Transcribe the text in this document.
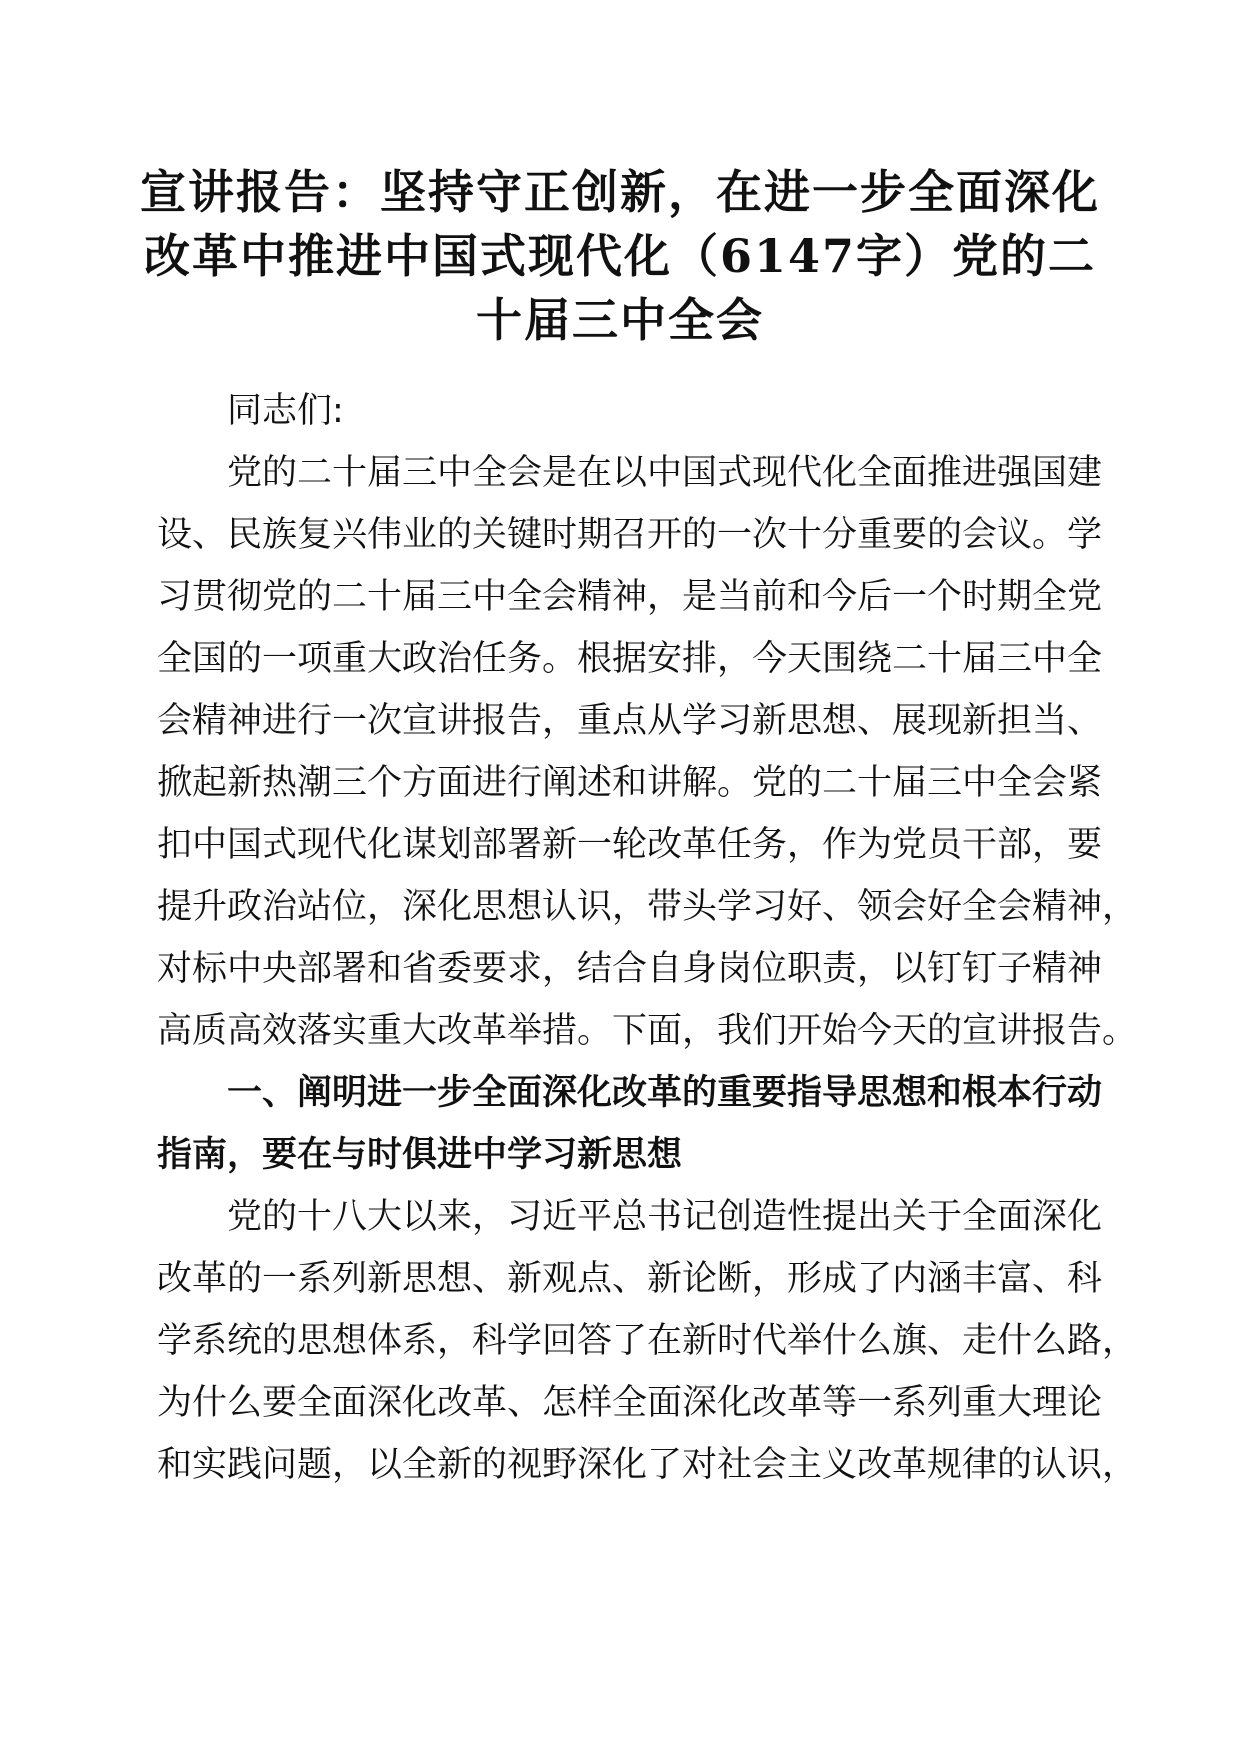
宣讲报告：坚持守正创新，在进一步全面深化
改革中推进中国式现代化（6147字）党的二
十届三中全会
同志们:
党的二十届三中全会是在以中国式现代化全面推进强国建
设、民族复兴伟业的关键时期召开的一次十分重要的会议。学
习贯彻党的二十届三中全会精神，是当前和今后一个时期全党
全国的一项重大政治任务。根据安排，今天围绕二十届三中全
会精神进行一次宣讲报告，重点从学习新思想、展现新担当、
掀起新热潮三个方面进行阐述和讲解。党的二十届三中全会紧
扣中国式现代化谋划部署新一轮改革任务，作为党员干部，要
提升政治站位，深化思想认识，带头学习好、领会好全会精神，
对标中央部署和省委要求，结合自身岗位职责，以钉钉子精神
高质高效落实重大改革举措。下面，我们开始今天的宣讲报告。
一、阐明进一步全面深化改革的重要指导思想和根本行动
指南，要在与时俱进中学习新思想
党的十八大以来，习近平总书记创造性提出关于全面深化
改革的一系列新思想、新观点、新论断，形成了内涵丰富、科
学系统的思想体系，科学回答了在新时代举什么旗、走什么路，
为什么要全面深化改革、怎样全面深化改革等一系列重大理论
和实践问题，以全新的视野深化了对社会主义改革规律的认识，
